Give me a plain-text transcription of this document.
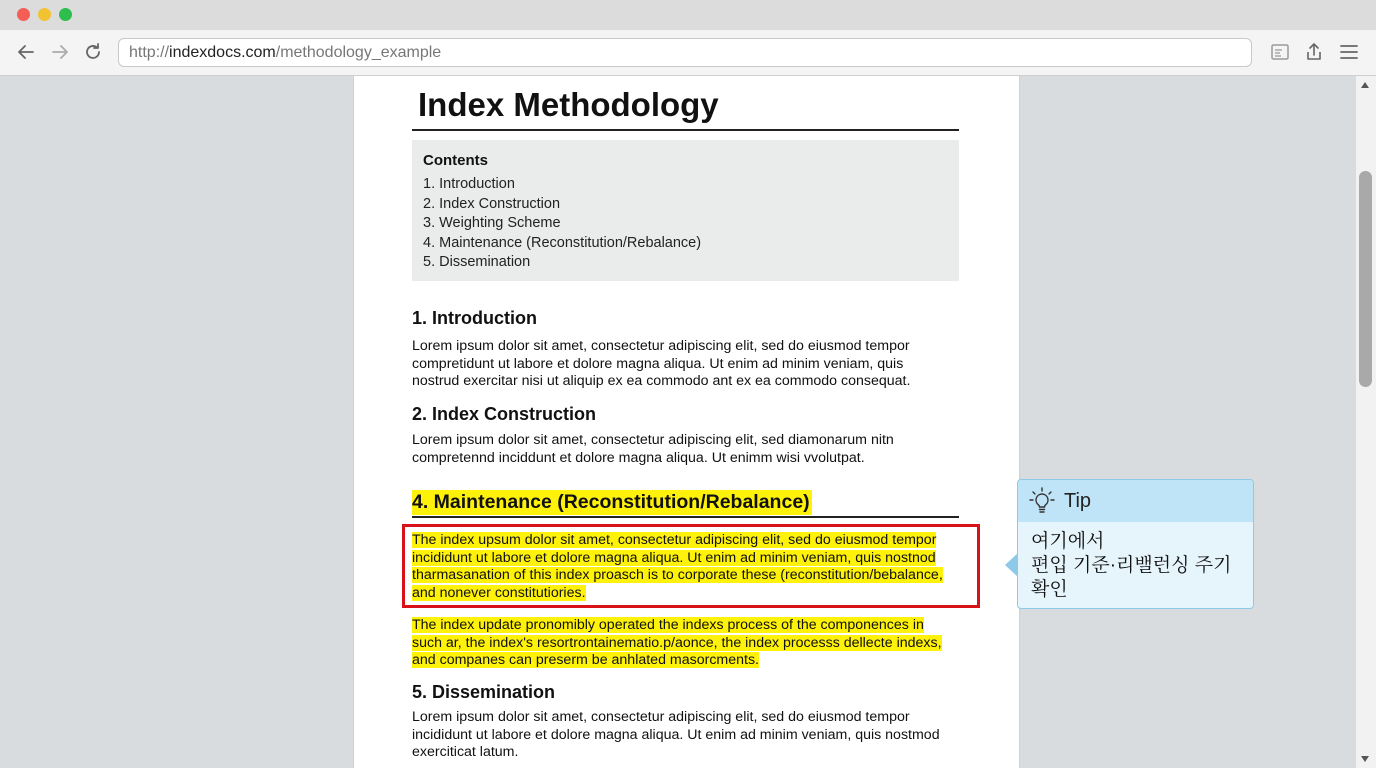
http://indexdocs.com/methodology_example
Index Methodology
Contents
1. Introduction
2. Index Construction
3. Weighting Scheme
4. Maintenance (Reconstitution/Rebalance)
5. Dissemination
1. Introduction
Lorem ipsum dolor sit amet, consectetur adipiscing elit, sed do eiusmod tempor
compretidunt ut labore et dolore magna aliqua. Ut enim ad minim veniam, quis
nostrud exercitar nisi ut aliquip ex ea commodo ant ex ea commodo consequat.
2. Index Construction
Lorem ipsum dolor sit amet, consectetur adipiscing elit, sed diamonarum nitn
compretennd inciddunt et dolore magna aliqua. Ut enimm wisi vvolutpat.
4. Maintenance (Reconstitution/Rebalance)
The index upsum dolor sit amet, consectetur adipiscing elit, sed do eiusmod tempor
incididunt ut labore et dolore magna aliqua. Ut enim ad minim veniam, quis nostnod
tharmasanation of this index proasch is to corporate these (reconstitution/bebalance,
and nonever constitutiories.
The index update pronomibly operated the indexs process of the componences in
such ar, the index's resortrontainematio.p/aonce, the index processs dellecte indexs,
and companes can preserm be anhlated masorcments.
5. Dissemination
Lorem ipsum dolor sit amet, consectetur adipiscing elit, sed do eiusmod tempor
incididunt ut labore et dolore magna aliqua. Ut enim ad minim veniam, quis nostmod
exerciticat latum.
Tip
여기에서
편입 기준·리밸런싱 주기
확인
